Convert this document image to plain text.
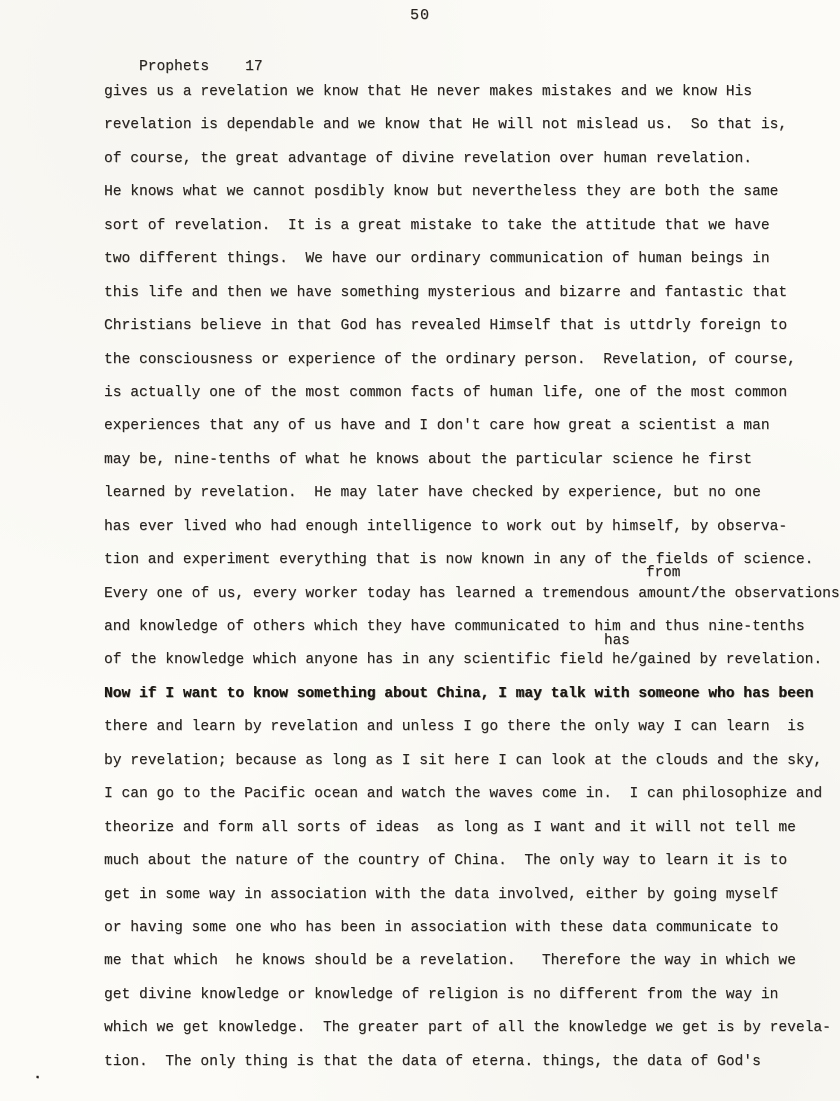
50

Prophets 17

gives us a revelation we know that He never makes mistakes and we know His
revelation is dependable and we know that He will not mislead us.  So that is,
of course, the great advantage of divine revelation over human revelation.
He knows what we cannot posdibly know but nevertheless they are both the same
sort of revelation.  It is a great mistake to take the attitude that we have
two different things.  We have our ordinary communication of human beings in
this life and then we have something mysterious and bizarre and fantastic that
Christians believe in that God has revealed Himself that is uttdrly foreign to
the consciousness or experience of the ordinary person.  Revelation, of course,
is actually one of the most common facts of human life, one of the most common
experiences that any of us have and I don't care how great a scientist a man
may be, nine-tenths of what he knows about the particular science he first
learned by revelation.  He may later have checked by experience, but no one
has ever lived who had enough intelligence to work out by himself, by observa-
tion and experiment everything that is now known in any of the fields of science.
Every one of us, every worker today has learned a tremendous amount/the observations
and knowledge of others which they have communicated to him and thus nine-tenths
of the knowledge which anyone has in any scientific field he/gained by revelation.
Now if I want to know something about China, I may talk with someone who has been
there and learn by revelation and unless I go there the only way I can learn  is
by revelation; because as long as I sit here I can look at the clouds and the sky,
I can go to the Pacific ocean and watch the waves come in.  I can philosophize and
theorize and form all sorts of ideas  as long as I want and it will not tell me
much about the nature of the country of China.  The only way to learn it is to
get in some way in association with the data involved, either by going myself
or having some one who has been in association with these data communicate to
me that which  he knows should be a revelation.   Therefore the way in which we
get divine knowledge or knowledge of religion is no different from the way in
which we get knowledge.  The greater part of all the knowledge we get is by revela-
tion.  The only thing is that the data of eterna. things, the data of God's
from
has
.
